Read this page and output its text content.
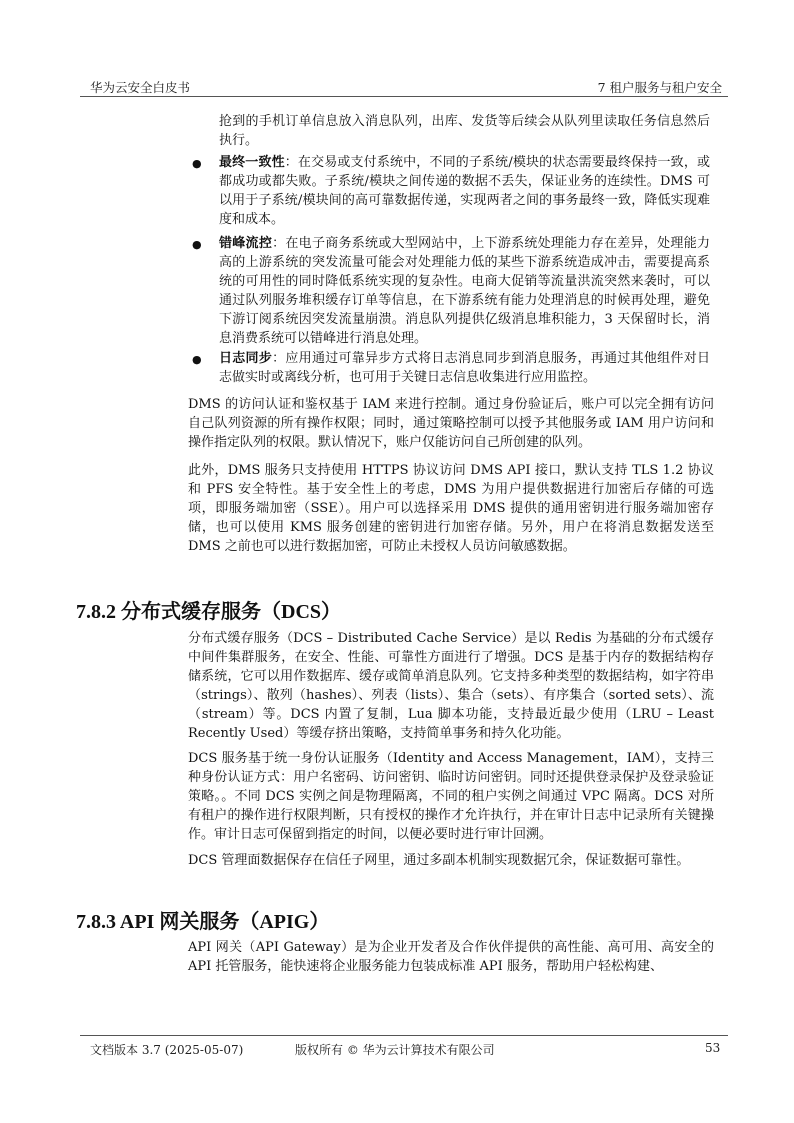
华为云安全白皮书	7 租户服务与租户安全

抢到的手机订单信息放入消息队列，出库、发货等后续会从队列里读取任务信息然后执行。

● 最终一致性：在交易或支付系统中，不同的子系统/模块的状态需要最终保持一致，或都成功或都失败。子系统/模块之间传递的数据不丢失，保证业务的连续性。DMS 可以用于子系统/模块间的高可靠数据传递，实现两者之间的事务最终一致，降低实现难度和成本。

● 错峰流控：在电子商务系统或大型网站中，上下游系统处理能力存在差异，处理能力高的上游系统的突发流量可能会对处理能力低的某些下游系统造成冲击，需要提高系统的可用性的同时降低系统实现的复杂性。电商大促销等流量洪流突然来袭时，可以通过队列服务堆积缓存订单等信息，在下游系统有能力处理消息的时候再处理，避免下游订阅系统因突发流量崩溃。消息队列提供亿级消息堆积能力，3 天保留时长，消息消费系统可以错峰进行消息处理。

● 日志同步：应用通过可靠异步方式将日志消息同步到消息服务，再通过其他组件对日志做实时或离线分析，也可用于关键日志信息收集进行应用监控。

DMS 的访问认证和鉴权基于 IAM 来进行控制。通过身份验证后，账户可以完全拥有访问自己队列资源的所有操作权限；同时，通过策略控制可以授予其他服务或 IAM 用户访问和操作指定队列的权限。默认情况下，账户仅能访问自己所创建的队列。

此外，DMS 服务只支持使用 HTTPS 协议访问 DMS API 接口，默认支持 TLS 1.2 协议和 PFS 安全特性。基于安全性上的考虑，DMS 为用户提供数据进行加密后存储的可选项，即服务端加密（SSE）。用户可以选择采用 DMS 提供的通用密钥进行服务端加密存储，也可以使用 KMS 服务创建的密钥进行加密存储。另外，用户在将消息数据发送至 DMS 之前也可以进行数据加密，可防止未授权人员访问敏感数据。

7.8.2 分布式缓存服务（DCS）

分布式缓存服务（DCS – Distributed Cache Service）是以 Redis 为基础的分布式缓存中间件集群服务，在安全、性能、可靠性方面进行了增强。DCS 是基于内存的数据结构存储系统，它可以用作数据库、缓存或简单消息队列。它支持多种类型的数据结构，如字符串（strings）、散列（hashes）、列表（lists）、集合（sets）、有序集合（sorted sets）、流（stream）等。DCS 内置了复制，Lua 脚本功能，支持最近最少使用（LRU – Least Recently Used）等缓存挤出策略，支持简单事务和持久化功能。

DCS 服务基于统一身份认证服务（Identity and Access Management，IAM），支持三种身份认证方式：用户名密码、访问密钥、临时访问密钥。同时还提供登录保护及登录验证策略。。不同 DCS 实例之间是物理隔离，不同的租户实例之间通过 VPC 隔离。DCS 对所有租户的操作进行权限判断，只有授权的操作才允许执行，并在审计日志中记录所有关键操作。审计日志可保留到指定的时间，以便必要时进行审计回溯。

DCS 管理面数据保存在信任子网里，通过多副本机制实现数据冗余，保证数据可靠性。

7.8.3 API 网关服务（APIG）

API 网关（API Gateway）是为企业开发者及合作伙伴提供的高性能、高可用、高安全的 API 托管服务，能快速将企业服务能力包装成标准 API 服务，帮助用户轻松构建、

文档版本 3.7 (2025-05-07)	版权所有 © 华为云计算技术有限公司	53
